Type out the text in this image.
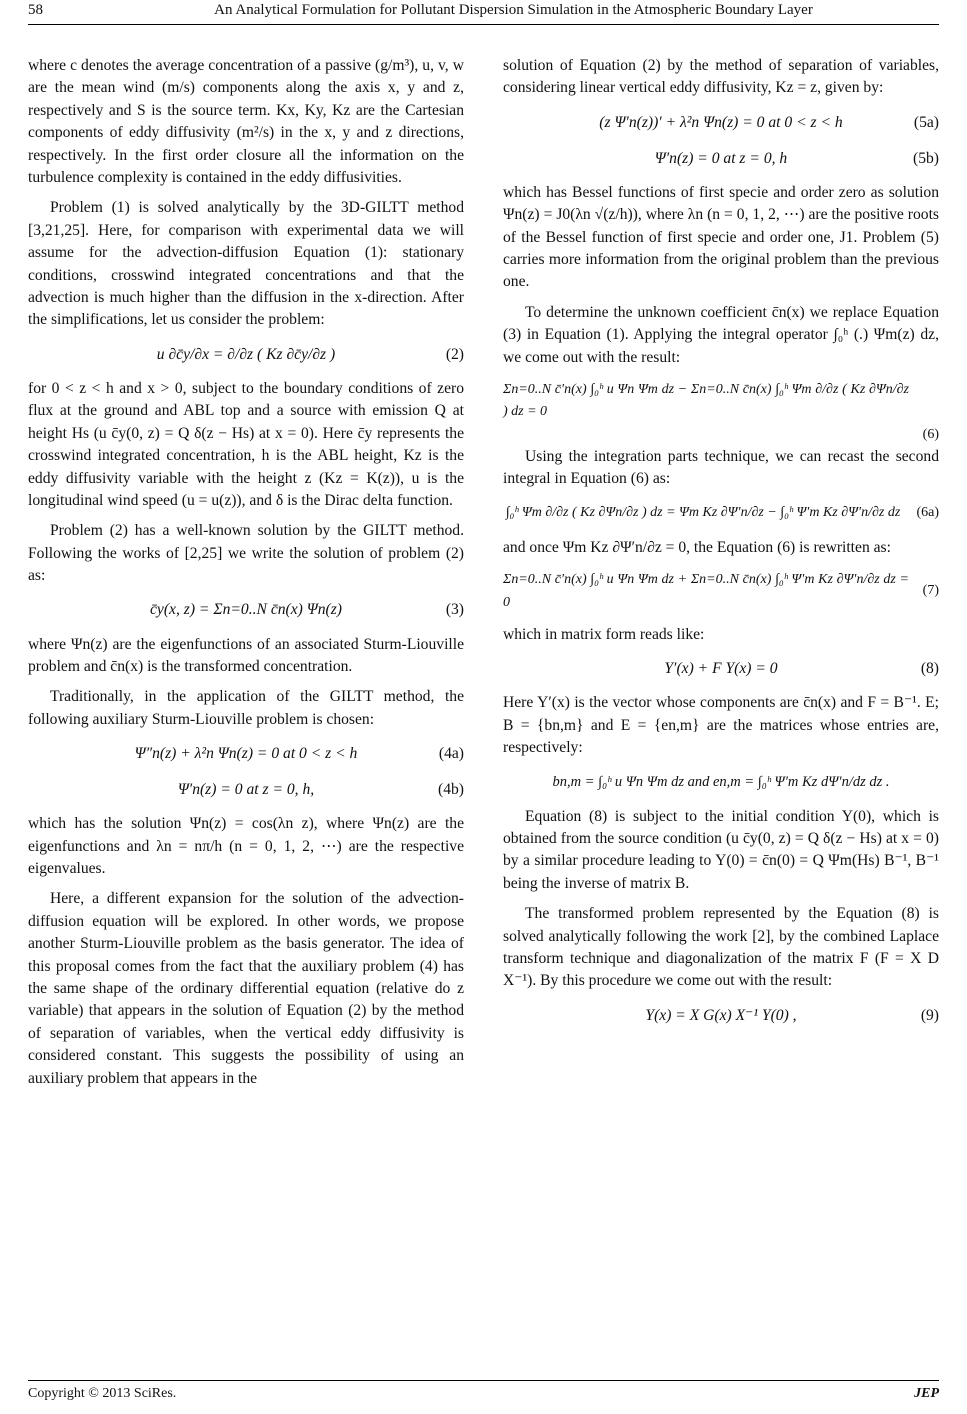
58	An Analytical Formulation for Pollutant Dispersion Simulation in the Atmospheric Boundary Layer

where c denotes the average concentration of a passive (g/m³), u, v, w are the mean wind (m/s) components along the axis x, y and z, respectively and S is the source term. Kx, Ky, Kz are the Cartesian components of eddy diffusivity (m²/s) in the x, y and z directions, respectively. In the first order closure all the information on the turbulence complexity is contained in the eddy diffusivities.

Problem (1) is solved analytically by the 3D-GILTT method [3,21,25]. Here, for comparison with experimental data we will assume for the advection-diffusion Equation (1): stationary conditions, crosswind integrated concentrations and that the advection is much higher than the diffusion in the x-direction. After the simplifications, let us consider the problem:

u ∂c̄y/∂x = ∂/∂z ( Kz ∂c̄y/∂z )	(2)

for 0 < z < h and x > 0, subject to the boundary conditions of zero flux at the ground and ABL top and a source with emission Q at height Hs (u c̄y(0, z) = Q δ(z − Hs) at x = 0). Here c̄y represents the crosswind integrated concentration, h is the ABL height, Kz is the eddy diffusivity variable with the height z (Kz = K(z)), u is the longitudinal wind speed (u = u(z)), and δ is the Dirac delta function.

Problem (2) has a well-known solution by the GILTT method. Following the works of [2,25] we write the solution of problem (2) as:

c̄y(x, z) = Σn=0..N c̄n(x) Ψn(z)	(3)

where Ψn(z) are the eigenfunctions of an associated Sturm-Liouville problem and c̄n(x) is the transformed concentration.

Traditionally, in the application of the GILTT method, the following auxiliary Sturm-Liouville problem is chosen:

Ψ″n(z) + λ²n Ψn(z) = 0 at 0 < z < h	(4a)
Ψ′n(z) = 0 at z = 0, h,	(4b)

which has the solution Ψn(z) = cos(λn z), where Ψn(z) are the eigenfunctions and λn = nπ/h (n = 0, 1, 2, ⋯) are the respective eigenvalues.

Here, a different expansion for the solution of the advection-diffusion equation will be explored. In other words, we propose another Sturm-Liouville problem as the basis generator. The idea of this proposal comes from the fact that the auxiliary problem (4) has the same shape of the ordinary differential equation (relative do z variable) that appears in the solution of Equation (2) by the method of separation of variables, when the vertical eddy diffusivity is considered constant. This suggests the possibility of using an auxiliary problem that appears in the

solution of Equation (2) by the method of separation of variables, considering linear vertical eddy diffusivity, Kz = z, given by:

(z Ψ′n(z))′ + λ²n Ψn(z) = 0 at 0 < z < h	(5a)
Ψ′n(z) = 0 at z = 0, h	(5b)

which has Bessel functions of first specie and order zero as solution Ψn(z) = J0(λn √(z/h)), where λn (n = 0, 1, 2, ⋯) are the positive roots of the Bessel function of first specie and order one, J1. Problem (5) carries more information from the original problem than the previous one.

To determine the unknown coefficient c̄n(x) we replace Equation (3) in Equation (1). Applying the integral operator ∫₀ʰ (.) Ψm(z) dz, we come out with the result:

Σn=0..N c̄′n(x) ∫₀ʰ u Ψn Ψm dz − Σn=0..N c̄n(x) ∫₀ʰ Ψm ∂/∂z ( Kz ∂Ψn/∂z ) dz = 0
(6)

Using the integration parts technique, we can recast the second integral in Equation (6) as:

∫₀ʰ Ψm ∂/∂z ( Kz ∂Ψn/∂z ) dz = Ψm Kz ∂Ψ′n/∂z − ∫₀ʰ Ψ′m Kz ∂Ψ′n/∂z dz	(6a)

and once Ψm Kz ∂Ψ′n/∂z = 0, the Equation (6) is rewritten as:

Σn=0..N c̄′n(x) ∫₀ʰ u Ψn Ψm dz + Σn=0..N c̄n(x) ∫₀ʰ Ψ′m Kz ∂Ψ′n/∂z dz = 0
(7)

which in matrix form reads like:

Y′(x) + F Y(x) = 0	(8)

Here Y′(x) is the vector whose components are c̄n(x) and F = B⁻¹. E; B = {bn,m} and E = {en,m} are the matrices whose entries are, respectively:

bn,m = ∫₀ʰ u Ψn Ψm dz and en,m = ∫₀ʰ Ψ′m Kz dΨ′n/dz dz .

Equation (8) is subject to the initial condition Y(0), which is obtained from the source condition (u c̄y(0, z) = Q δ(z − Hs) at x = 0) by a similar procedure leading to Y(0) = c̄n(0) = Q Ψm(Hs) B⁻¹, B⁻¹ being the inverse of matrix B.

The transformed problem represented by the Equation (8) is solved analytically following the work [2], by the combined Laplace transform technique and diagonalization of the matrix F (F = X D X⁻¹). By this procedure we come out with the result:

Y(x) = X G(x) X⁻¹ Y(0) ,	(9)
Copyright © 2013 SciRes.	JEP
